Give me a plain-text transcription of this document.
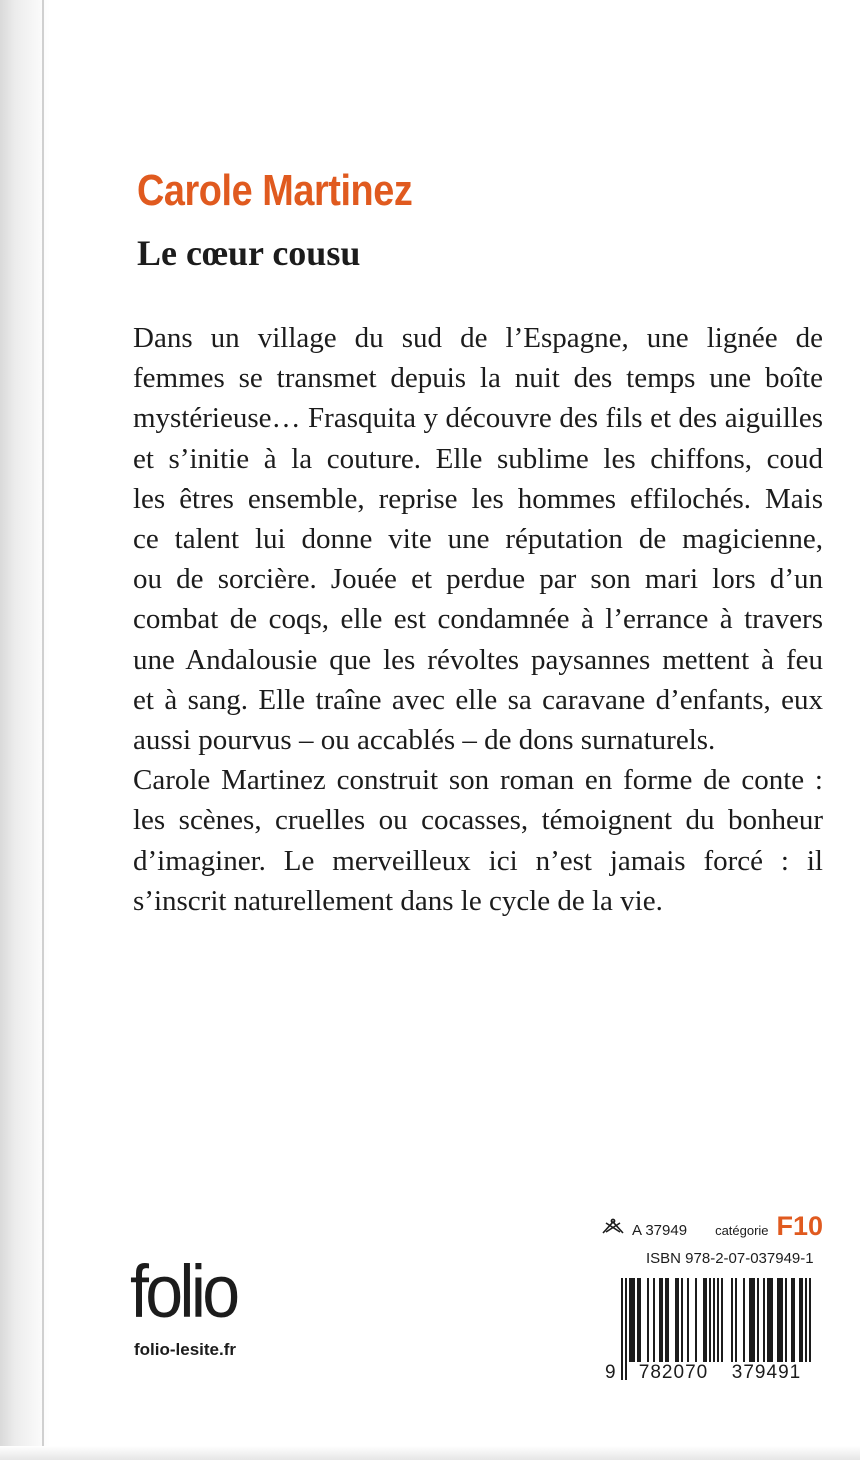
Carole Martinez
Le cœur cousu
Dans un village du sud de l’Espagne, une lignée de
femmes se transmet depuis la nuit des temps une boîte
mystérieuse… Frasquita y découvre des fils et des aiguilles
et s’initie à la couture. Elle sublime les chiffons, coud
les êtres ensemble, reprise les hommes effilochés. Mais
ce talent lui donne vite une réputation de magicienne,
ou de sorcière. Jouée et perdue par son mari lors d’un
combat de coqs, elle est condamnée à l’errance à travers
une Andalousie que les révoltes paysannes mettent à feu
et à sang. Elle traîne avec elle sa caravane d’enfants, eux
aussi pourvus – ou accablés – de dons surnaturels.
Carole Martinez construit son roman en forme de conte :
les scènes, cruelles ou cocasses, témoignent du bonheur
d’imaginer. Le merveilleux ici n’est jamais forcé : il
s’inscrit naturellement dans le cycle de la vie.

folio

folio-lesite.fr

A 37949 catégorie F10

ISBN 978-2-07-037949-1

9	782070	379491
